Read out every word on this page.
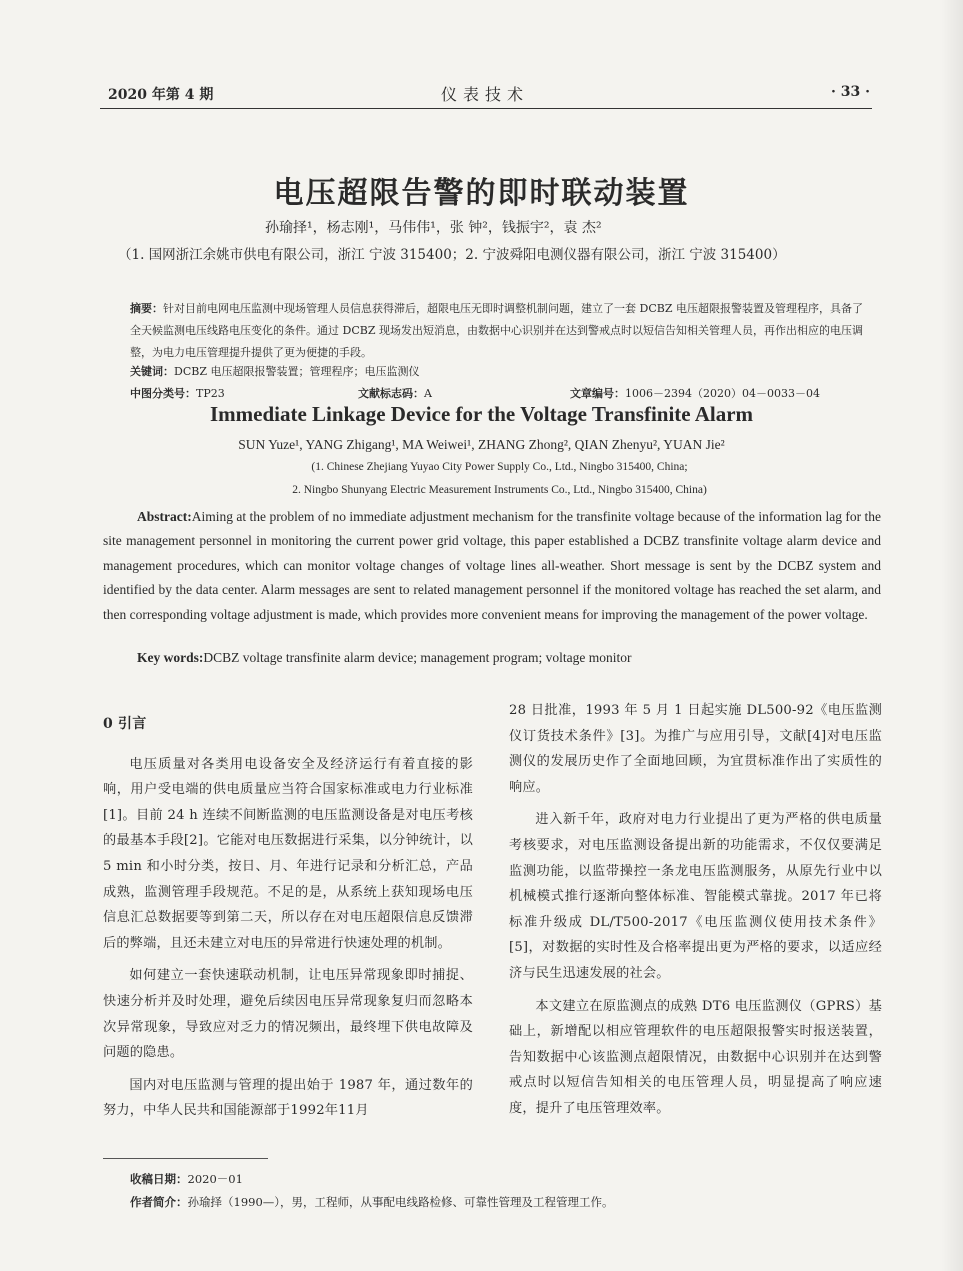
2020 年第 4 期	仪表技术	· 33 ·
电压超限告警的即时联动装置
孙瑜择¹，杨志刚¹，马伟伟¹，张 钟²，钱振宇²，袁 杰²
（1. 国网浙江余姚市供电有限公司，浙江 宁波 315400；2. 宁波舜阳电测仪器有限公司，浙江 宁波 315400）
摘要：针对目前电网电压监测中现场管理人员信息获得滞后，超限电压无即时调整机制问题，建立了一套 DCBZ 电压超限报警装置及管理程序，具备了全天候监测电压线路电压变化的条件。通过 DCBZ 现场发出短消息，由数据中心识别并在达到警戒点时以短信告知相关管理人员，再作出相应的电压调整，为电力电压管理提升提供了更为便捷的手段。
关键词：DCBZ 电压超限报警装置；管理程序；电压监测仪
中图分类号：TP23	文献标志码：A	文章编号：1006－2394（2020）04－0033－04
Immediate Linkage Device for the Voltage Transfinite Alarm
SUN Yuze¹, YANG Zhigang¹, MA Weiwei¹, ZHANG Zhong², QIAN Zhenyu², YUAN Jie²
(1. Chinese Zhejiang Yuyao City Power Supply Co., Ltd., Ningbo 315400, China;
2. Ningbo Shunyang Electric Measurement Instruments Co., Ltd., Ningbo 315400, China)
Abstract:Aiming at the problem of no immediate adjustment mechanism for the transfinite voltage because of the information lag for the site management personnel in monitoring the current power grid voltage, this paper established a DCBZ transfinite voltage alarm device and management procedures, which can monitor voltage changes of voltage lines all-weather. Short message is sent by the DCBZ system and identified by the data center. Alarm messages are sent to related management personnel if the monitored voltage has reached the set alarm, and then corresponding voltage adjustment is made, which provides more convenient means for improving the management of the power voltage.
Key words:DCBZ voltage transfinite alarm device; management program; voltage monitor
0 引言

电压质量对各类用电设备安全及经济运行有着直接的影响，用户受电端的供电质量应当符合国家标准或电力行业标准[1]。目前 24 h 连续不间断监测的电压监测设备是对电压考核的最基本手段[2]。它能对电压数据进行采集，以分钟统计，以 5 min 和小时分类，按日、月、年进行记录和分析汇总，产品成熟，监测管理手段规范。不足的是，从系统上获知现场电压信息汇总数据要等到第二天，所以存在对电压超限信息反馈滞后的弊端，且还未建立对电压的异常进行快速处理的机制。

如何建立一套快速联动机制，让电压异常现象即时捕捉、快速分析并及时处理，避免后续因电压异常现象复归而忽略本次异常现象，导致应对乏力的情况频出，最终埋下供电故障及问题的隐患。

国内对电压监测与管理的提出始于 1987 年，通过数年的努力，中华人民共和国能源部于1992年11月

28 日批准，1993 年 5 月 1 日起实施 DL500-92《电压监测仪订货技术条件》[3]。为推广与应用引导，文献[4]对电压监测仪的发展历史作了全面地回顾，为宜贯标准作出了实质性的响应。

进入新千年，政府对电力行业提出了更为严格的供电质量考核要求，对电压监测设备提出新的功能需求，不仅仅要满足监测功能，以监带操控一条龙电压监测服务，从原先行业中以机械模式推行逐渐向整体标准、智能模式靠拢。2017 年已将标准升级成 DL/T500-2017《电压监测仪使用技术条件》[5]，对数据的实时性及合格率提出更为严格的要求，以适应经济与民生迅速发展的社会。

本文建立在原监测点的成熟 DT6 电压监测仪（GPRS）基础上，新增配以相应管理软件的电压超限报警实时报送装置，告知数据中心该监测点超限情况，由数据中心识别并在达到警戒点时以短信告知相关的电压管理人员，明显提高了响应速度，提升了电压管理效率。

收稿日期：2020－01
作者简介：孙瑜择（1990—），男，工程师，从事配电线路检修、可靠性管理及工程管理工作。
